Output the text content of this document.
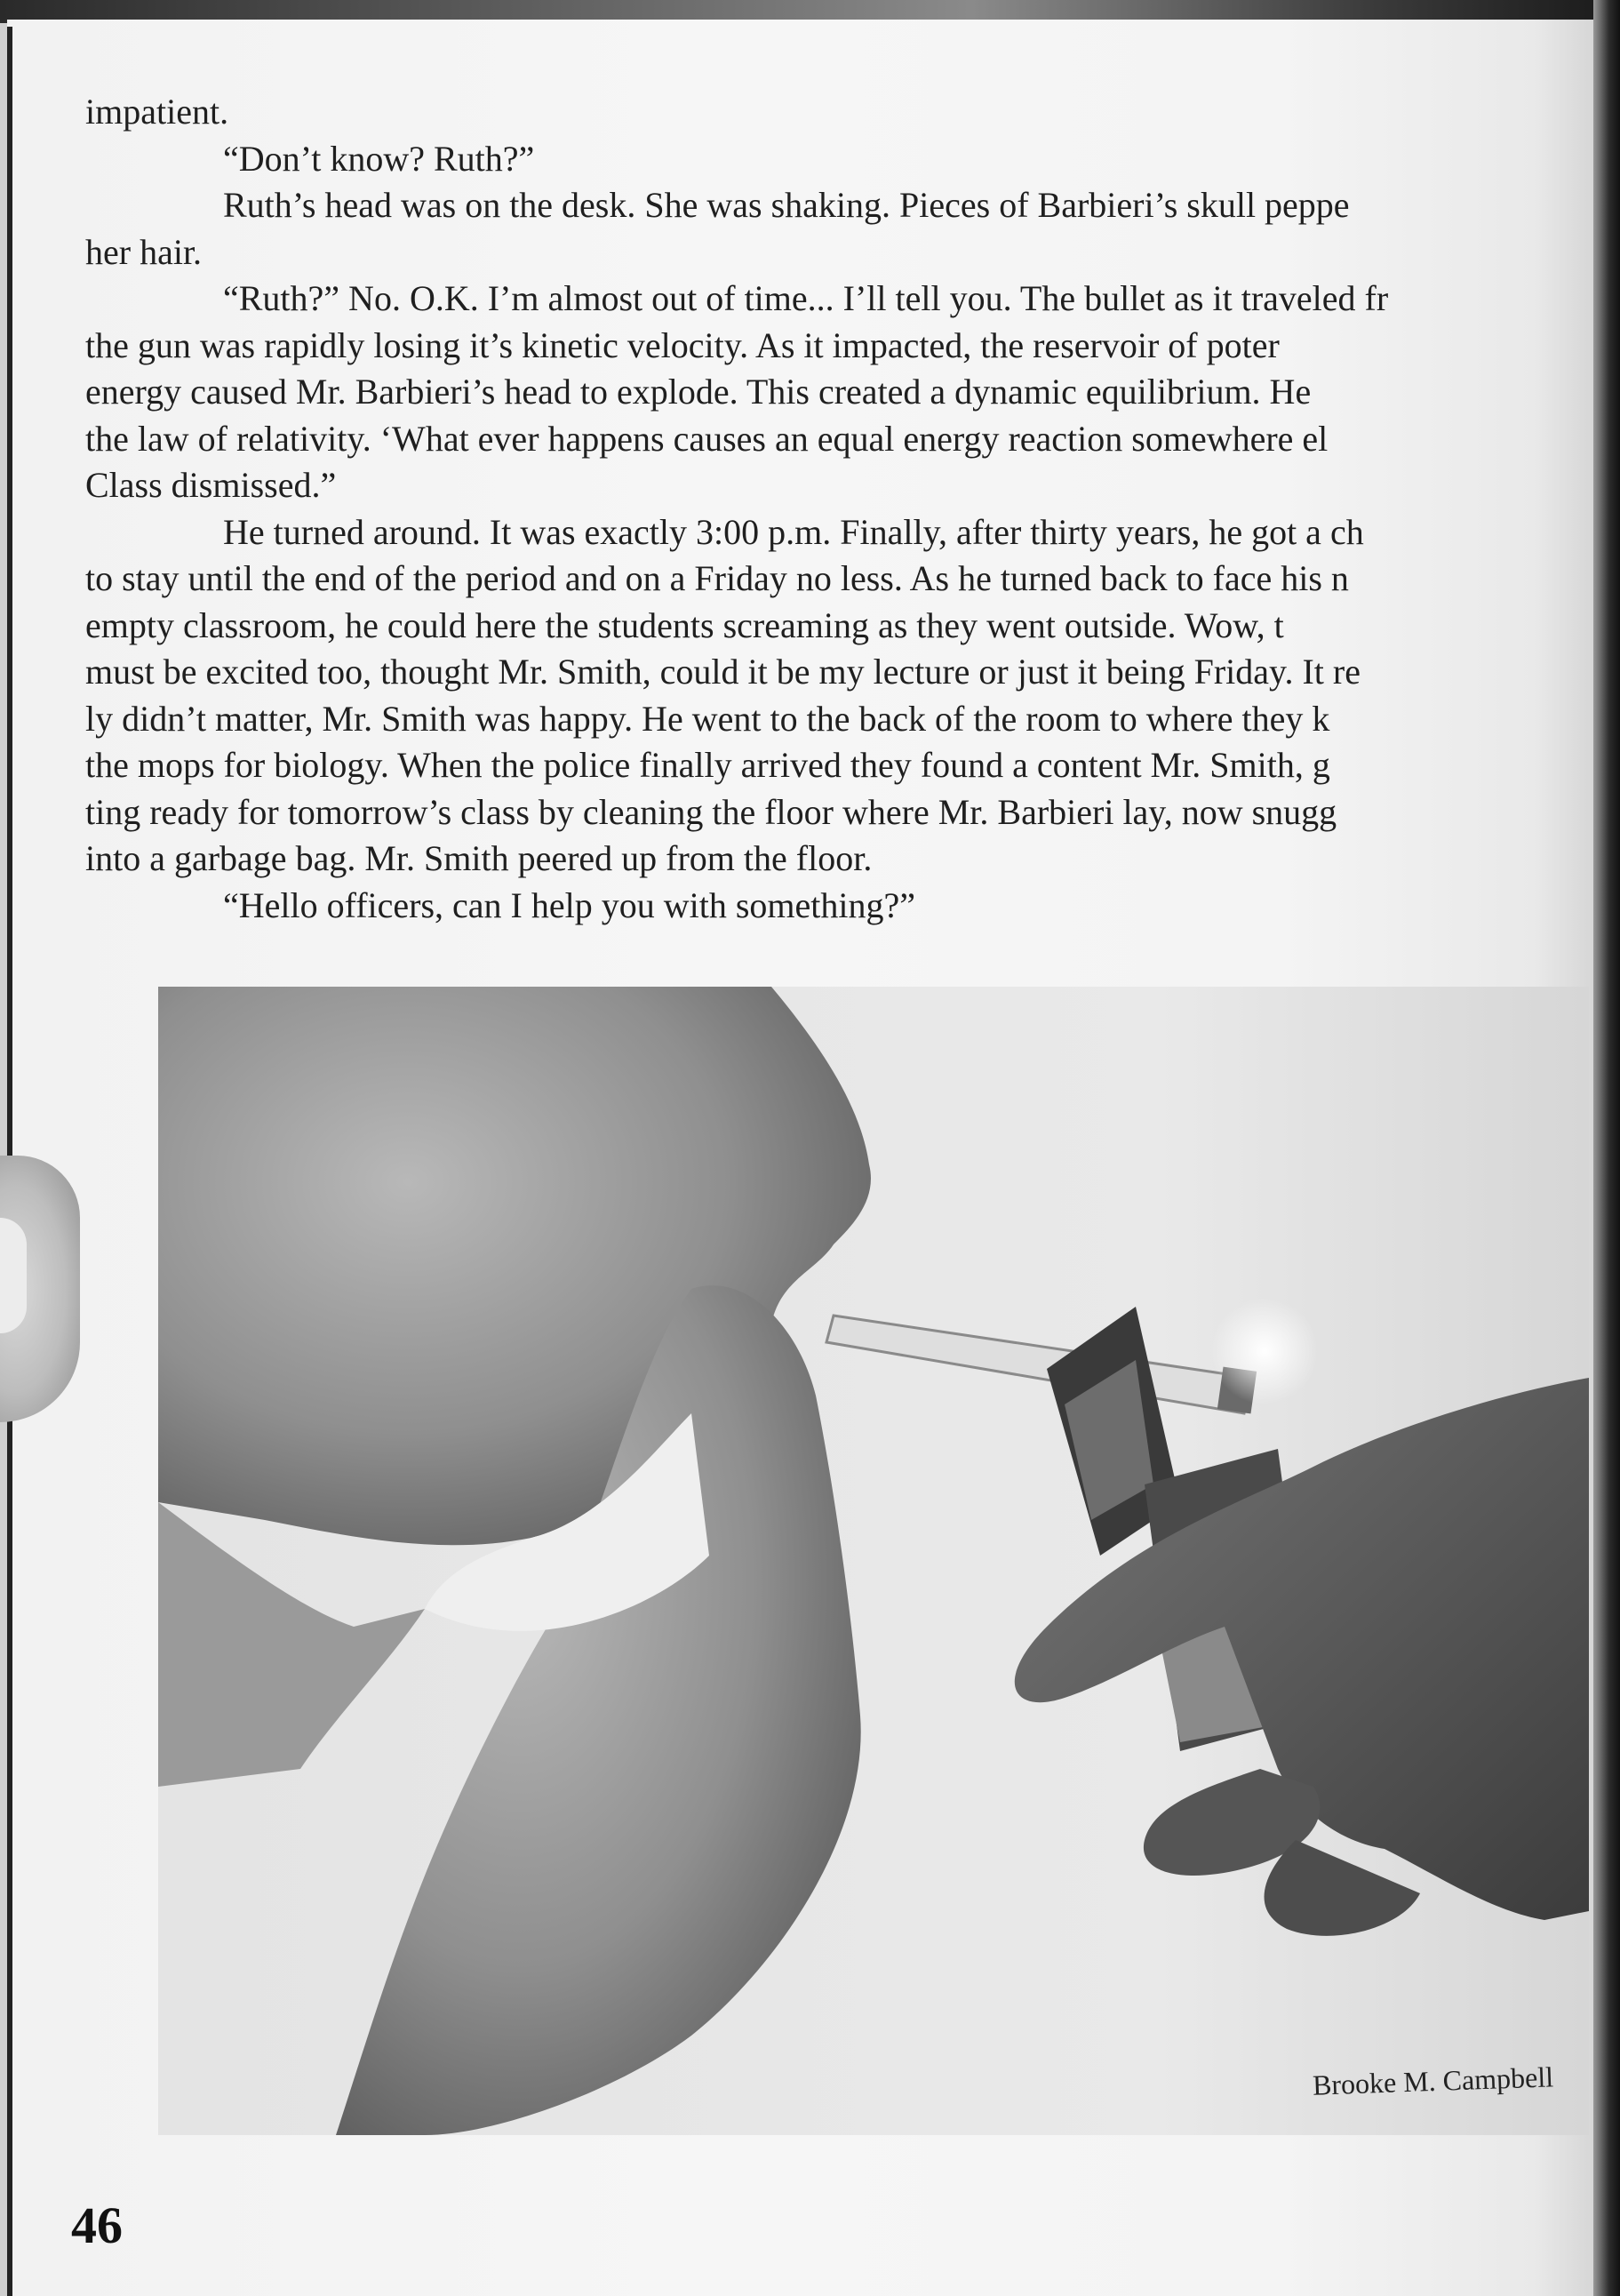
impatient.

“Don’t know? Ruth?”

Ruth’s head was on the desk. She was shaking. Pieces of Barbieri’s skull peppe

her hair.

“Ruth?” No. O.K. I’m almost out of time... I’ll tell you. The bullet as it traveled fr

the gun was rapidly losing it’s kinetic velocity. As it impacted, the reservoir of poter

energy caused Mr. Barbieri’s head to explode. This created a dynamic equilibrium. He

the law of relativity. ‘What ever happens causes an equal energy reaction somewhere el

Class dismissed.”

He turned around. It was exactly 3:00 p.m. Finally, after thirty years, he got a ch

to stay until the end of the period and on a Friday no less. As he turned back to face his n

empty classroom, he could here the students screaming as they went outside. Wow, t

must be excited too, thought Mr. Smith, could it be my lecture or just it being Friday. It re

ly didn’t matter, Mr. Smith was happy. He went to the back of the room to where they k

the mops for biology. When the police finally arrived they found a content Mr. Smith, g

ting ready for tomorrow’s class by cleaning the floor where Mr. Barbieri lay, now snugg

into a garbage bag. Mr. Smith peered up from the floor.

“Hello officers, can I help you with something?”

Brooke M. Campbell
46
